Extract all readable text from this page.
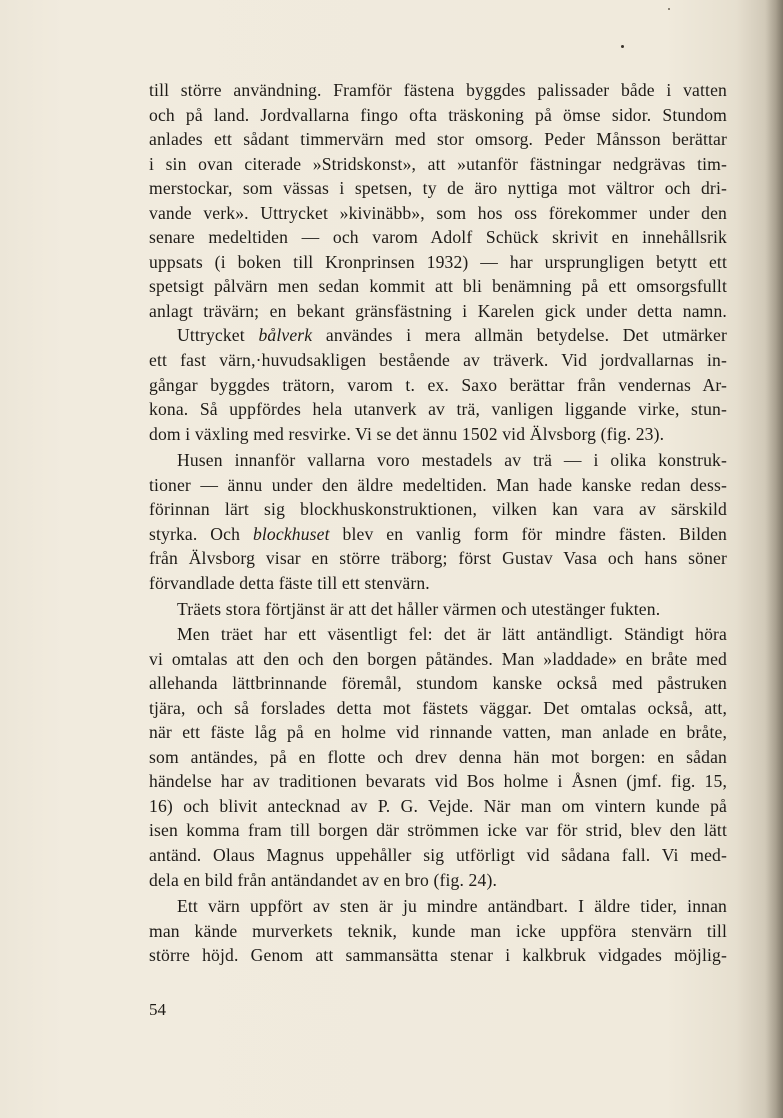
till större användning. Framför fästena byggdes palissader både i vatten
och på land. Jordvallarna fingo ofta träskoning på ömse sidor. Stundom
anlades ett sådant timmervärn med stor omsorg. Peder Månsson berättar
i sin ovan citerade »Stridskonst», att »utanför fästningar nedgrävas tim-
merstockar, som vässas i spetsen, ty de äro nyttiga mot vältror och dri-
vande verk». Uttrycket »kivinäbb», som hos oss förekommer under den
senare medeltiden — och varom Adolf Schück skrivit en innehållsrik
uppsats (i boken till Kronprinsen 1932) — har ursprungligen betytt ett
spetsigt pålvärn men sedan kommit att bli benämning på ett omsorgsfullt
anlagt trävärn; en bekant gränsfästning i Karelen gick under detta namn.
Uttrycket bålverk användes i mera allmän betydelse. Det utmärker
ett fast värn,·huvudsakligen bestående av träverk. Vid jordvallarnas in-
gångar byggdes trätorn, varom t. ex. Saxo berättar från vendernas Ar-
kona. Så uppfördes hela utanverk av trä, vanligen liggande virke, stun-
dom i växling med resvirke. Vi se det ännu 1502 vid Älvsborg (fig. 23).
Husen innanför vallarna voro mestadels av trä — i olika konstruk-
tioner — ännu under den äldre medeltiden. Man hade kanske redan dess-
förinnan lärt sig blockhuskonstruktionen, vilken kan vara av särskild
styrka. Och blockhuset blev en vanlig form för mindre fästen. Bilden
från Älvsborg visar en större träborg; först Gustav Vasa och hans söner
förvandlade detta fäste till ett stenvärn.
Träets stora förtjänst är att det håller värmen och utestänger fukten.
Men träet har ett väsentligt fel: det är lätt antändligt. Ständigt höra
vi omtalas att den och den borgen påtändes. Man »laddade» en bråte med
allehanda lättbrinnande föremål, stundom kanske också med påstruken
tjära, och så forslades detta mot fästets väggar. Det omtalas också, att,
när ett fäste låg på en holme vid rinnande vatten, man anlade en bråte,
som antändes, på en flotte och drev denna hän mot borgen: en sådan
händelse har av traditionen bevarats vid Bos holme i Åsnen (jmf. fig. 15,
16) och blivit antecknad av P. G. Vejde. När man om vintern kunde på
isen komma fram till borgen där strömmen icke var för strid, blev den lätt
antänd. Olaus Magnus uppehåller sig utförligt vid sådana fall. Vi med-
dela en bild från antändandet av en bro (fig. 24).
Ett värn uppfört av sten är ju mindre antändbart. I äldre tider, innan
man kände murverkets teknik, kunde man icke uppföra stenvärn till
större höjd. Genom att sammansätta stenar i kalkbruk vidgades möjlig-
54
